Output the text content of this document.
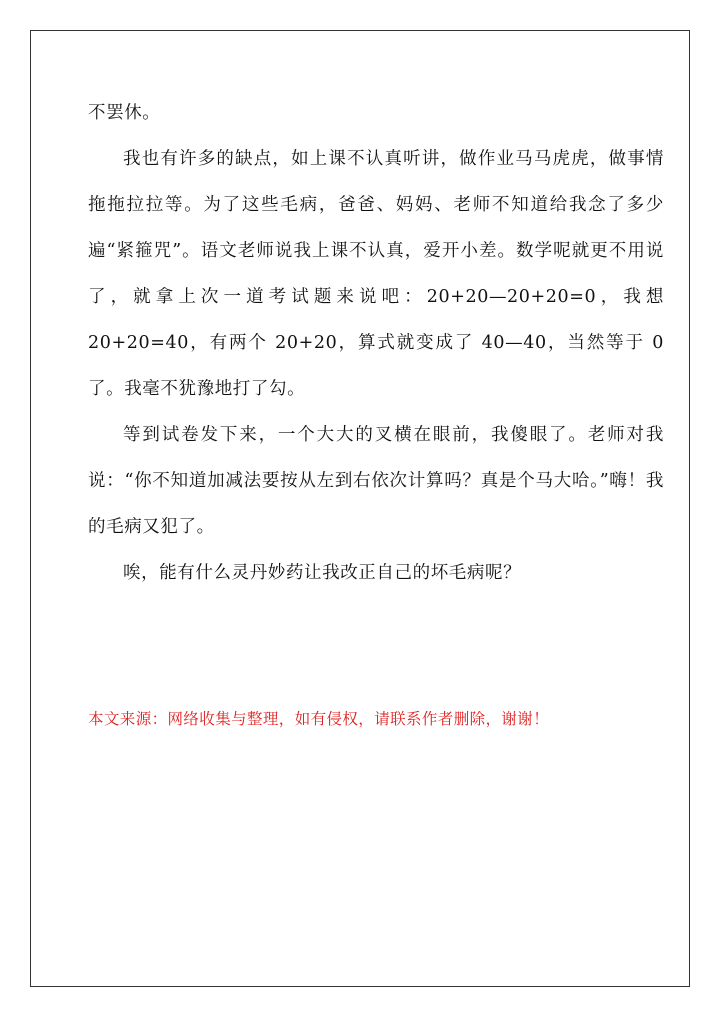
不罢休。

我也有许多的缺点，如上课不认真听讲，做作业马马虎虎，做事情拖拖拉拉等。为了这些毛病，爸爸、妈妈、老师不知道给我念了多少遍“紧箍咒”。语文老师说我上课不认真，爱开小差。数学呢就更不用说了，就拿上次一道考试题来说吧：20+20—20+20=0，我想20+20=40，有两个 20+20，算式就变成了 40—40，当然等于 0 了。我毫不犹豫地打了勾。

等到试卷发下来，一个大大的叉横在眼前，我傻眼了。老师对我说：“你不知道加减法要按从左到右依次计算吗？真是个马大哈。”嗨！我的毛病又犯了。

唉，能有什么灵丹妙药让我改正自己的坏毛病呢？

本文来源：网络收集与整理，如有侵权，请联系作者删除，谢谢！
